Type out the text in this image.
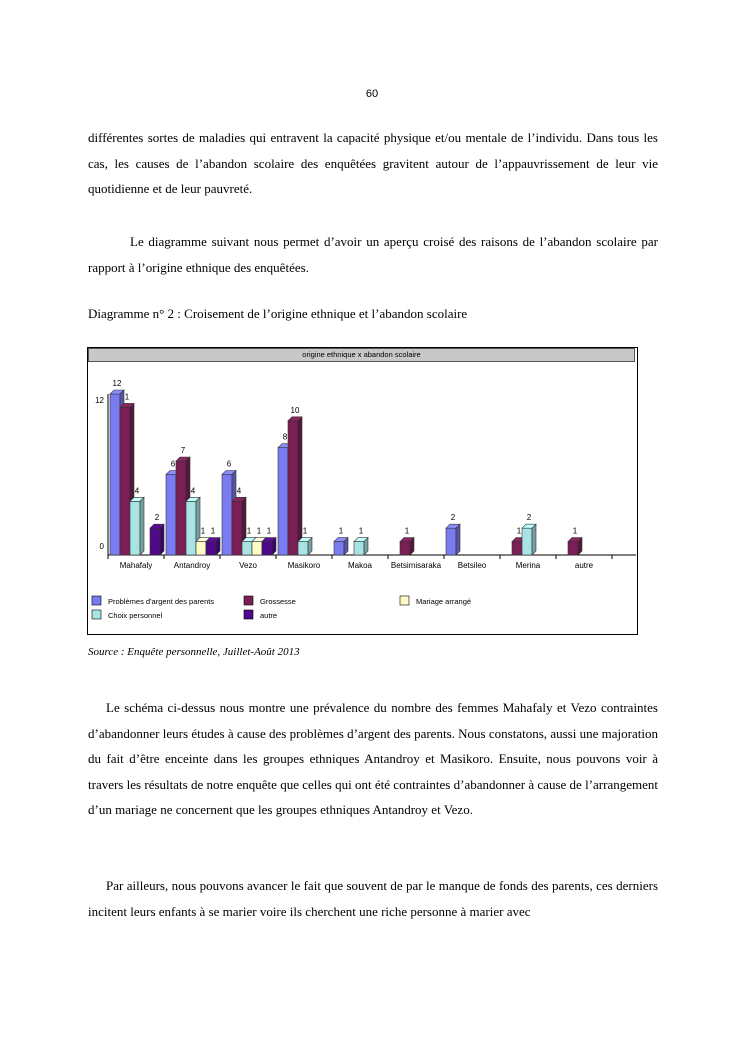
60

différentes sortes de maladies qui entravent la capacité physique et/ou mentale de l’individu. Dans tous les cas, les causes de l’abandon scolaire des enquêtées gravitent autour de l’appauvrissement de leur vie quotidienne et de leur pauvreté.

Le diagramme suivant nous permet d’avoir un aperçu croisé des raisons de l’abandon scolaire par rapport à l’origine ethnique des enquêtées.

Diagramme n° 2 : Croisement de l’origine ethnique et l’abandon scolaire

origine ethnique x abandon scolaire
12
0
Mahafaly	Antandroy	Vezo	Masikoro	Makoa Betsimisaraka Betsileo	Merina	autre
12
1
4
2
6
7
4
1 1
6
4
1 1 1
8
10
1	1 1	1
2
1
2
1
Problèmes d'argent des parents	Grossesse	Mariage arrangé
Choix personnel	autre

Source : Enquête personnelle, Juillet-Août 2013

Le schéma ci-dessus nous montre une prévalence du nombre des femmes Mahafaly et Vezo contraintes d’abandonner leurs études à cause des problèmes d’argent des parents. Nous constatons, aussi une majoration du fait d’être enceinte dans les groupes ethniques Antandroy et Masikoro. Ensuite, nous pouvons voir à travers les résultats de notre enquête que celles qui ont été contraintes d’abandonner à cause de l’arrangement d’un mariage ne concernent que les groupes ethniques Antandroy et Vezo.

Par ailleurs, nous pouvons avancer le fait que souvent de par le manque de fonds des parents, ces derniers incitent leurs enfants à se marier voire ils cherchent une riche personne à marier avec
